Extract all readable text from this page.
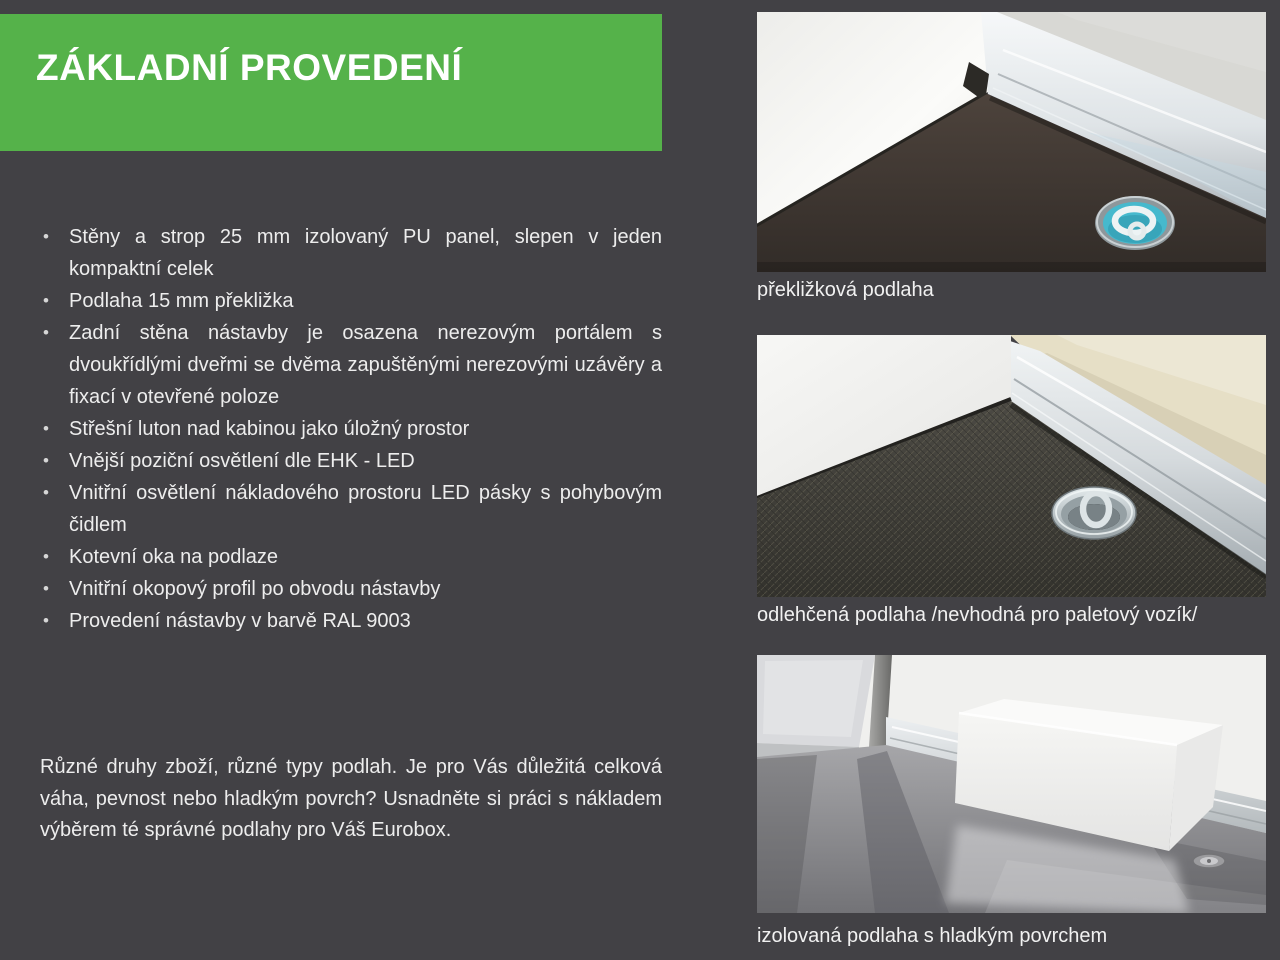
ZÁKLADNÍ PROVEDENÍ
• Stěny a strop 25 mm izolovaný PU panel, slepen v jeden kompaktní celek
• Podlaha 15 mm překližka
• Zadní stěna nástavby je osazena nerezovým portálem s dvoukřídlými dveřmi se dvěma zapuštěnými nerezovými uzávěry a fixací v otevřené poloze
• Střešní luton nad kabinou jako úložný prostor
• Vnější poziční osvětlení dle EHK - LED
• Vnitřní osvětlení nákladového prostoru LED pásky s pohybovým čidlem
• Kotevní oka na podlaze
• Vnitřní okopový profil po obvodu nástavby
• Provedení nástavby v barvě RAL 9003

Různé druhy zboží, různé typy podlah. Je pro Vás důležitá celková váha, pevnost nebo hladkým povrch? Usnadněte si práci s nákladem výběrem té správné podlahy pro Váš Eurobox.

překližková podlaha
odlehčená podlaha /nevhodná pro paletový vozík/
izolovaná podlaha s hladkým povrchem
